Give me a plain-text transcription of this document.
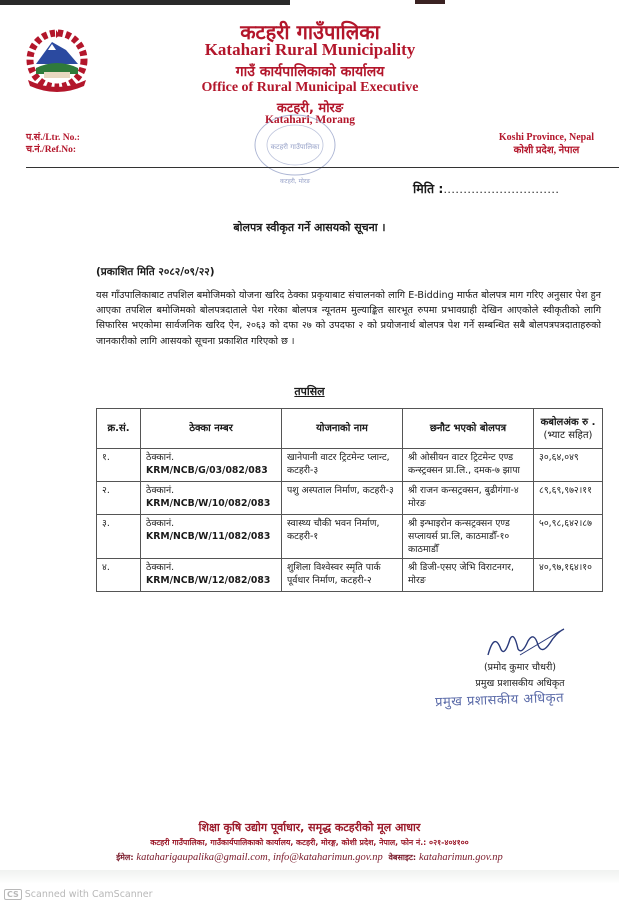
कटहरी गाउँपालिका
Katahari Rural Municipality
गाउँ कार्यपालिकाको कार्यालय
Office of Rural Municipal Executive
कटहरी, मोरङ
Katahari, Morang
कटहरी गाउँपालिका
कटहरी, मोरङ
प.सं./Ltr. No.:
च.नं./Ref.No:
Koshi Province, Nepal
कोशी प्रदेश, नेपाल
मिति :.............................
बोलपत्र स्वीकृत गर्ने आसयको सूचना ।
(प्रकाशित मिति २०८२/०९/२२)
यस गाँउपालिकाबाट तपशिल बमोजिमको योजना खरिद ठेक्का प्रकृयाबाट संचालनको लागि E-Bidding मार्फत बोलपत्र माग गरिए अनुसार पेश हुन आएका तपशिल बमोजिमको बोलपत्रदाताले पेश गरेका बोलपत्र न्यूनतम मुल्याङ्कित सारभूत रुपमा प्रभावग्राही देखिन आएकोले स्वीकृतीको लागि सिफारिस भएकोमा सार्वजनिक खरिद ऐन, २०६३ को दफा २७ को उपदफा २ को प्रयोजनार्थ बोलपत्र पेश गर्ने सम्बन्धित सबै बोलपत्रपत्रदाताहरुको जानकारीको लागि आसयको सूचना प्रकाशित गरिएको छ ।
तपसिल
क्र.सं.	ठेक्का नम्बर	योजनाको नाम	छनौट भएको बोलपत्र	कबोलअंक रु .
(भ्याट सहित)

१.	ठेक्कानं.
KRM/NCB/G/03/082/083	खानेपानी वाटर ट्रिटमेन्ट प्लान्ट, कटहरी-३	श्री ओसीयन वाटर ट्रिटमेन्ट एण्ड कन्स्ट्रक्सन प्रा.लि., दमक-७ झापा	३०,६४,०४९
२.	ठेक्कानं.
KRM/NCB/W/10/082/083	पशु अस्पताल निर्माण, कटहरी-३	श्री राजन कन्सट्रक्सन, बुढीगंगा-४ मोरङ	८९,६९,९७२।११
३.	ठेक्कानं.
KRM/NCB/W/11/082/083	स्वास्थ्य चौकी भवन निर्माण, कटहरी-१	श्री इन्भाइरोन कन्सट्रक्सन एण्ड सप्लायर्स प्रा.लि, काठमाडौँ-१० काठमाडौँ	५०,९८,६४२।८७
४.	ठेक्कानं.
KRM/NCB/W/12/082/083	शुशिला विश्वेस्वर स्मृति पार्क पूर्वधार निर्माण, कटहरी-२	श्री डिजी-एसए जेभि विराटनगर, मोरङ	४०,९७,१६४।१०
(प्रमोद कुमार चौधरी)
प्रमुख प्रशासकीय अधिकृत
प्रमुख प्रशासकीय अधिकृत
शिक्षा कृषि उद्योग पूर्वाधार, समृद्ध कटहरीको मूल आधार
कटहरी गाउँपालिका, गाउँकार्यपालिकाको कार्यालय, कटहरी, मोरङ्ग, कोशी प्रदेश, नेपाल, फोन नं.: ०२१-४०४१००
ईमेल: kataharigaupalika@gmail.com, info@kataharimun.gov.np वेबसाइट: kataharimun.gov.np
CS Scanned with CamScanner
